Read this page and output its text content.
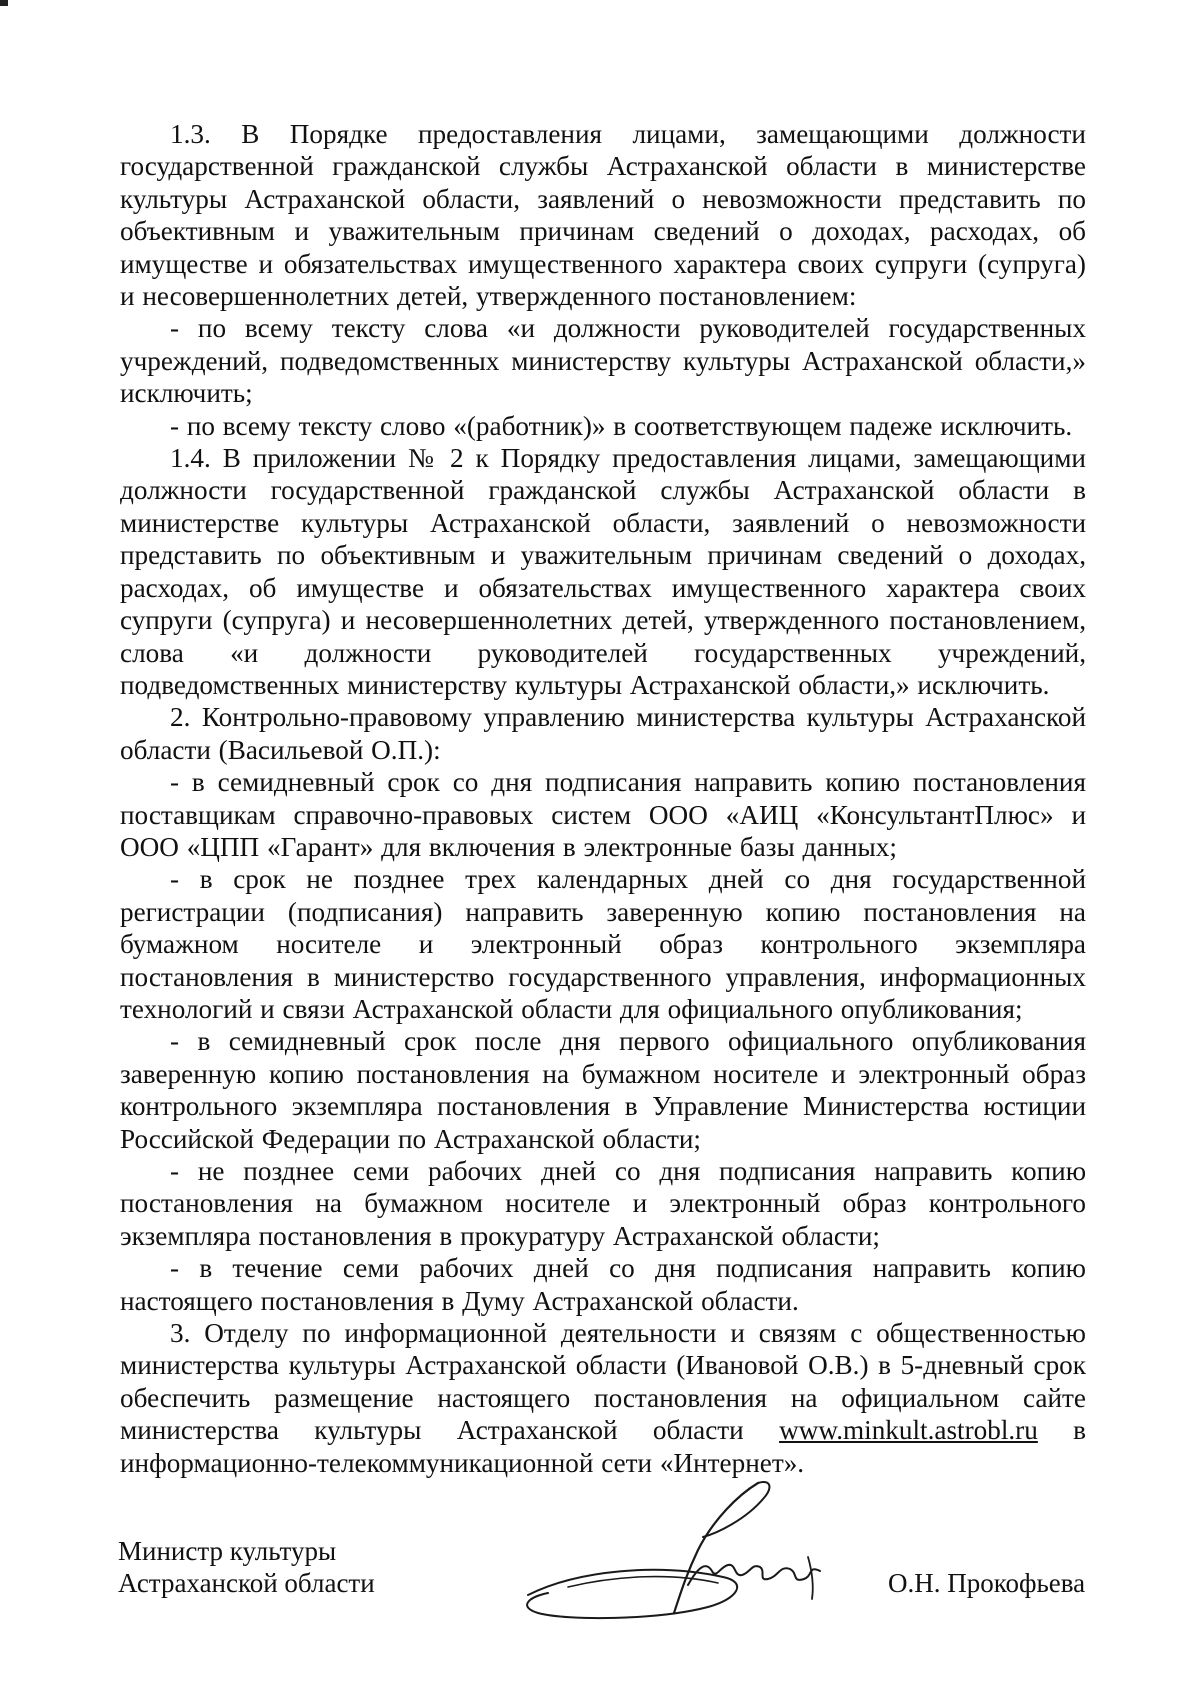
1.3. В Порядке предоставления лицами, замещающими должности государственной гражданской службы Астраханской области в министерстве культуры Астраханской области, заявлений о невозможности представить по объективным и уважительным причинам сведений о доходах, расходах, об имуществе и обязательствах имущественного характера своих супруги (супруга) и несовершеннолетних детей, утвержденного постановлением:

- по всему тексту слова «и должности руководителей государственных учреждений, подведомственных министерству культуры Астраханской области,» исключить;

- по всему тексту слово «(работник)» в соответствующем падеже исключить.

1.4. В приложении № 2 к Порядку предоставления лицами, замещающими должности государственной гражданской службы Астраханской области в министерстве культуры Астраханской области, заявлений о невозможности представить по объективным и уважительным причинам сведений о доходах, расходах, об имуществе и обязательствах имущественного характера своих супруги (супруга) и несовершеннолетних детей, утвержденного постановлением, слова «и должности руководителей государственных учреждений, подведомственных министерству культуры Астраханской области,» исключить.

2. Контрольно-правовому управлению министерства культуры Астраханской области (Васильевой О.П.):

- в семидневный срок со дня подписания направить копию постановления поставщикам справочно-правовых систем ООО «АИЦ «КонсультантПлюс» и ООО «ЦПП «Гарант» для включения в электронные базы данных;

- в срок не позднее трех календарных дней со дня государственной регистрации (подписания) направить заверенную копию постановления на бумажном носителе и электронный образ контрольного экземпляра постановления в министерство государственного управления, информационных технологий и связи Астраханской области для официального опубликования;

- в семидневный срок после дня первого официального опубликования заверенную копию постановления на бумажном носителе и электронный образ контрольного экземпляра постановления в Управление Министерства юстиции Российской Федерации по Астраханской области;

- не позднее семи рабочих дней со дня подписания направить копию постановления на бумажном носителе и электронный образ контрольного экземпляра постановления в прокуратуру Астраханской области;

- в течение семи рабочих дней со дня подписания направить копию настоящего постановления в Думу Астраханской области.

3. Отделу по информационной деятельности и связям с общественностью министерства культуры Астраханской области (Ивановой О.В.) в 5-дневный срок обеспечить размещение настоящего постановления на официальном сайте министерства культуры Астраханской области www.minkult.astrobl.ru в информационно-телекоммуникационной сети «Интернет».

Министр культуры
Астраханской области	О.Н. Прокофьева
